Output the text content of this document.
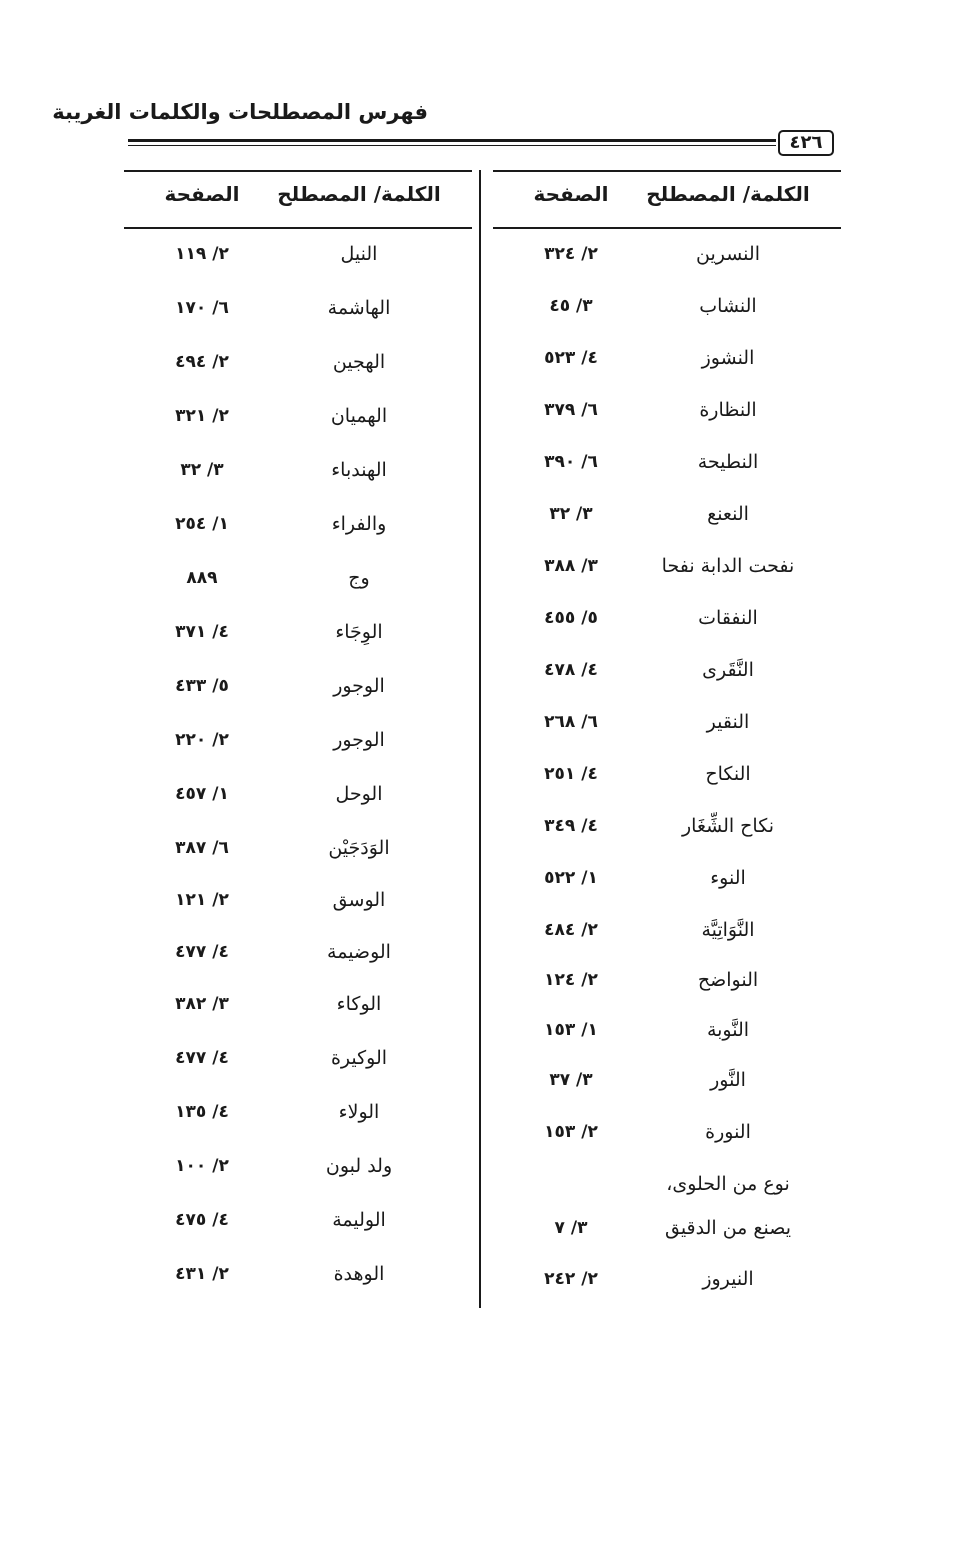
فهرس المصطلحات والكلمات الغريبة
٤٢٦
الكلمة/ المصطلح
الصفحة
النسرين
٢/ ٣٢٤
النشاب
٣/ ٤٥
النشوز
٤/ ٥٢٣
النظارة
٦/ ٣٧٩
النطيحة
٦/ ٣٩٠
النعنع
٣/ ٣٢
نفحت الدابة نفحا
٣/ ٣٨٨
النفقات
٥/ ٤٥٥
النَّقَرى
٤/ ٤٧٨
النقير
٦/ ٢٦٨
النكاح
٤/ ٢٥١
نكاح الشِّغَار
٤/ ٣٤٩
النوء
١/ ٥٢٢
النَّوَاتِيَّة
٢/ ٤٨٤
النواضح
٢/ ١٢٤
النَّوبة
١/ ١٥٣
النَّور
٣/ ٣٧
النورة
٢/ ١٥٣
نوع من الحلوى،
يصنع من الدقيق
٣/ ٧
النيروز
٢/ ٢٤٢
الكلمة/ المصطلح
الصفحة
النيل
٢/ ١١٩
الهاشمة
٦/ ١٧٠
الهجين
٢/ ٤٩٤
الهميان
٢/ ٣٢١
الهندباء
٣/ ٣٢
والفراء
١/ ٢٥٤
وج
٨٨٩
الوِجَاء
٤/ ٣٧١
الوجور
٥/ ٤٣٣
الوجور
٢/ ٢٢٠
الوحل
١/ ٤٥٧
الوَدَجَيْن
٦/ ٣٨٧
الوسق
٢/ ١٢١
الوضيمة
٤/ ٤٧٧
الوكاء
٣/ ٣٨٢
الوكيرة
٤/ ٤٧٧
الولاء
٤/ ١٣٥
ولد لبون
٢/ ١٠٠
الوليمة
٤/ ٤٧٥
الوهدة
٢/ ٤٣١
